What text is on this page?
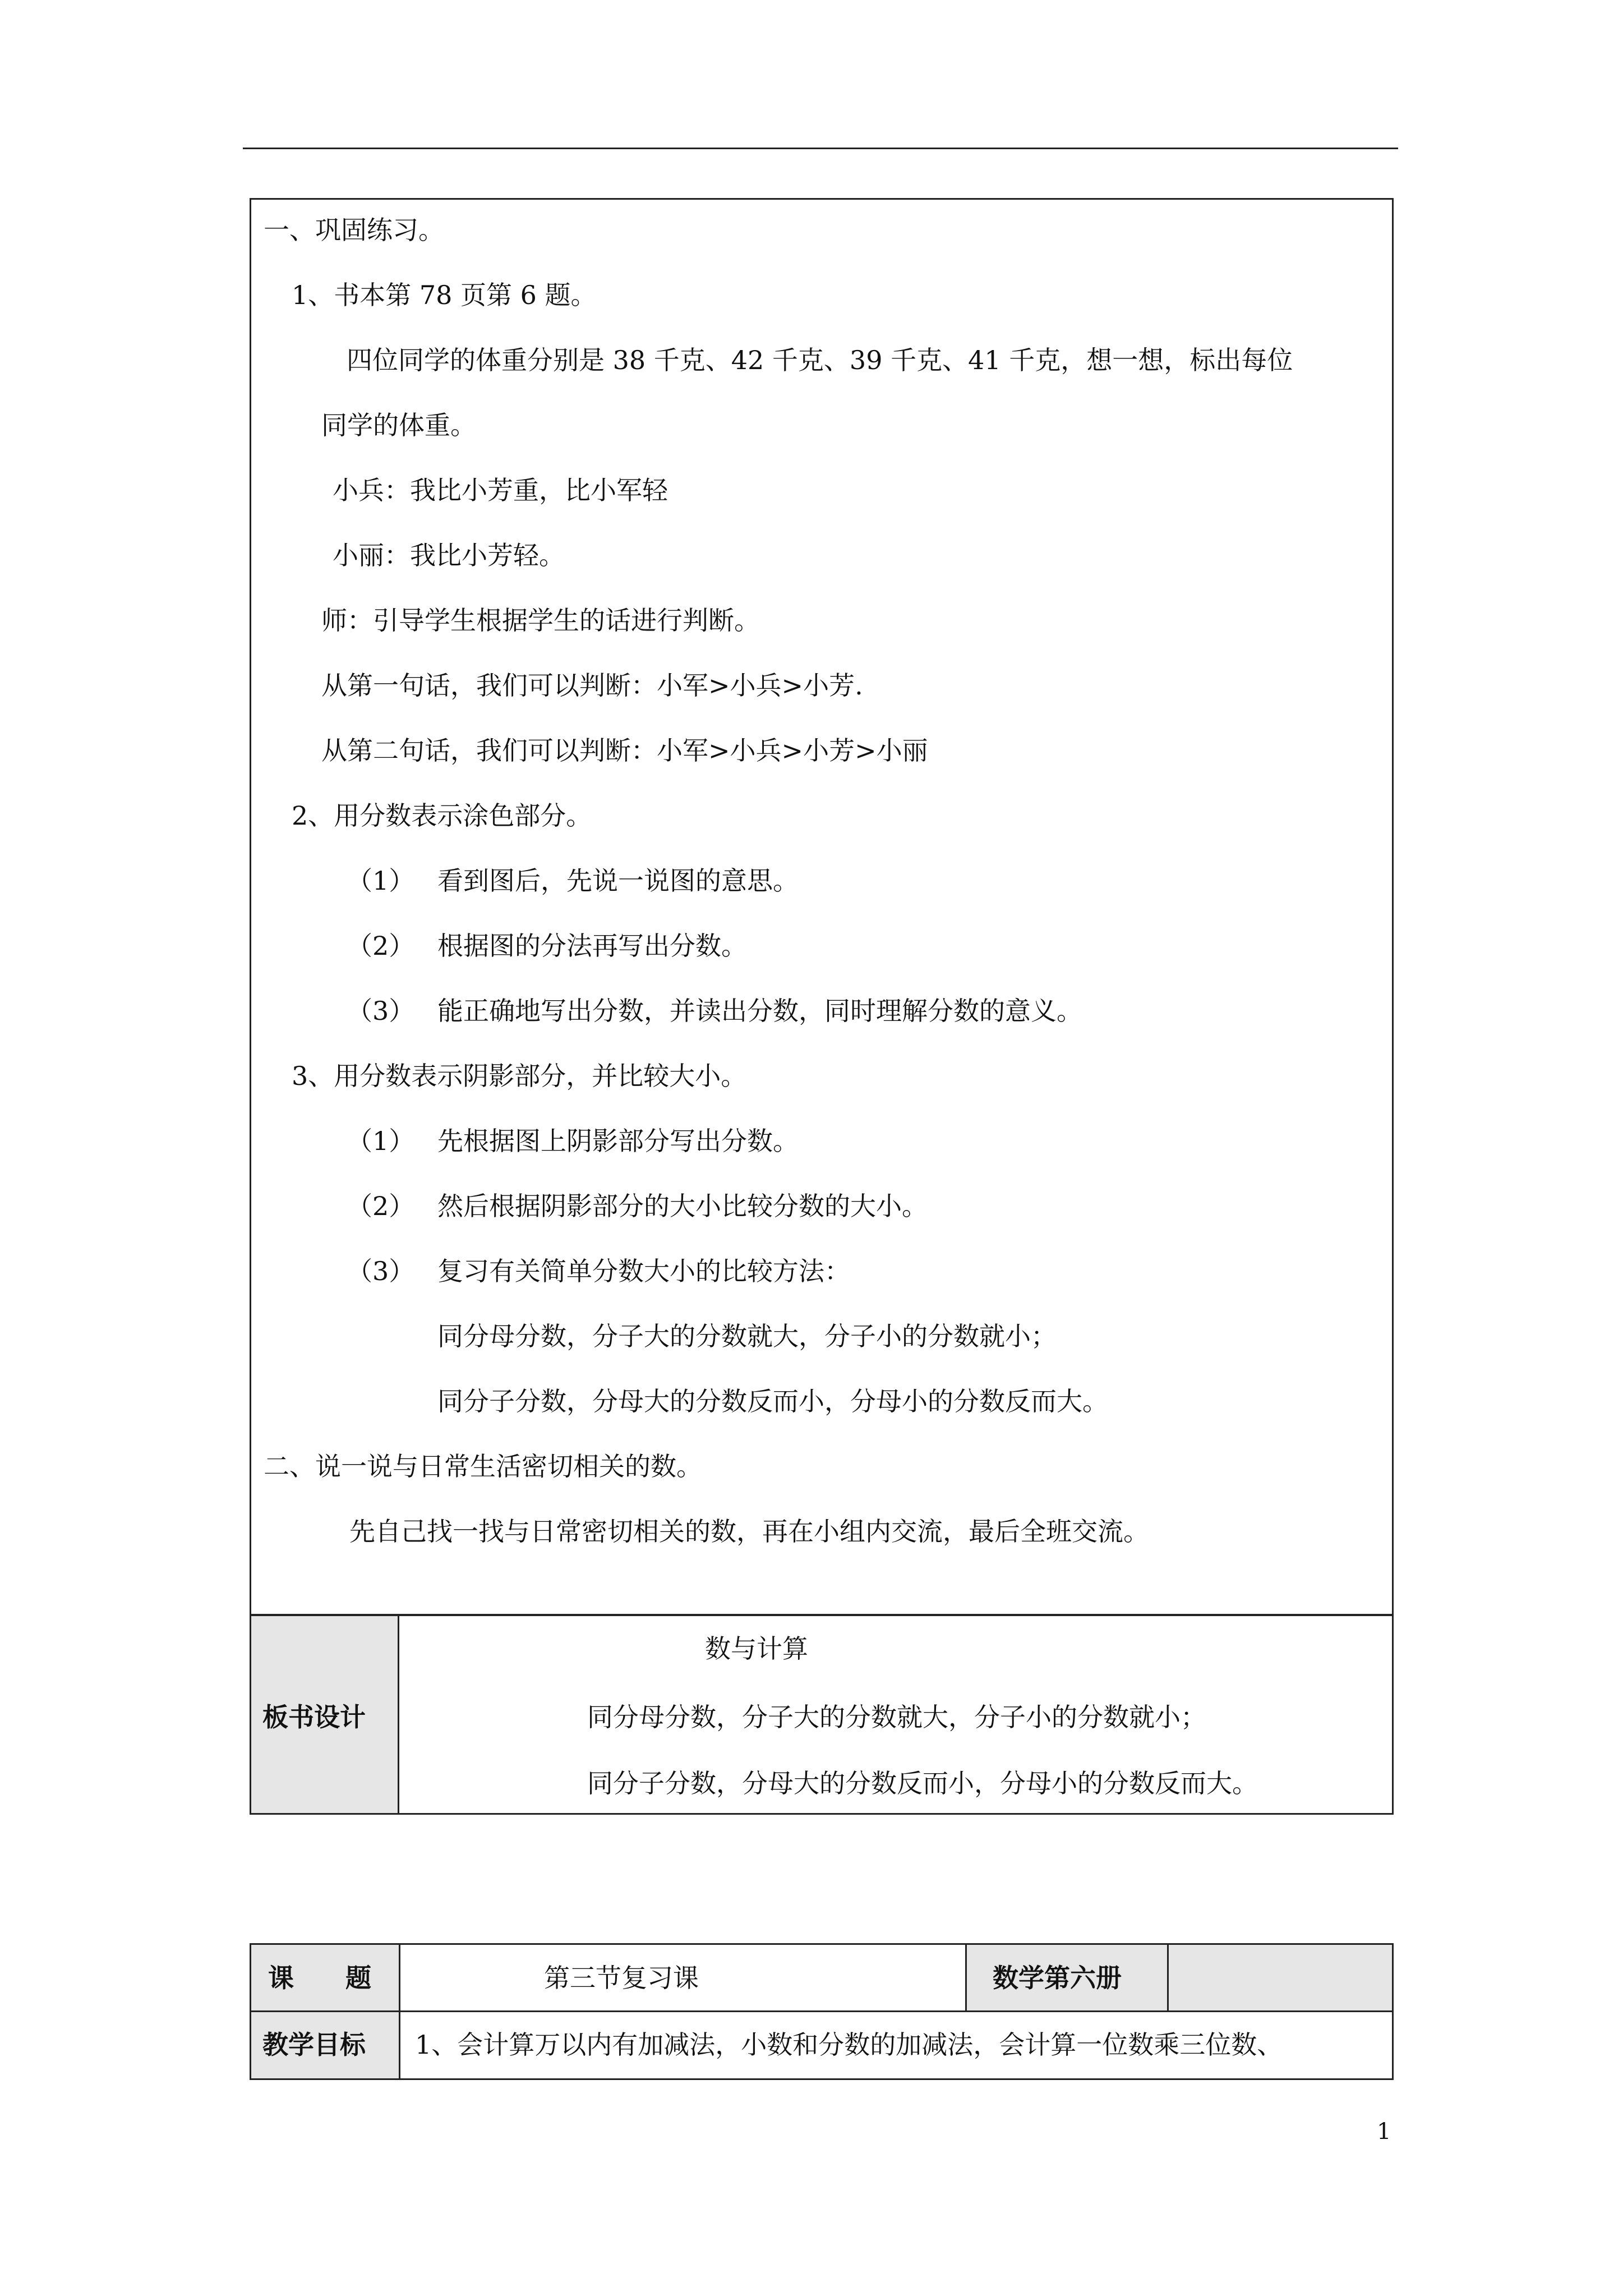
一、巩固练习。
1、书本第 78 页第 6 题。
四位同学的体重分别是 38 千克、42 千克、39 千克、41 千克，想一想，标出每位
同学的体重。
小兵：我比小芳重，比小军轻
小丽：我比小芳轻。
师：引导学生根据学生的话进行判断。
从第一句话，我们可以判断：小军>小兵>小芳.
从第二句话，我们可以判断：小军>小兵>小芳>小丽
2、用分数表示涂色部分。
（1） 看到图后，先说一说图的意思。
（2） 根据图的分法再写出分数。
（3） 能正确地写出分数，并读出分数，同时理解分数的意义。
3、用分数表示阴影部分，并比较大小。
（1） 先根据图上阴影部分写出分数。
（2） 然后根据阴影部分的大小比较分数的大小。
（3） 复习有关简单分数大小的比较方法：
同分母分数，分子大的分数就大，分子小的分数就小；
同分子分数，分母大的分数反而小，分母小的分数反而大。
二、说一说与日常生活密切相关的数。
先自己找一找与日常密切相关的数，再在小组内交流，最后全班交流。
板书设计
数与计算
同分母分数，分子大的分数就大，分子小的分数就小；
同分子分数，分母大的分数反而小，分母小的分数反而大。
课　　题	第三节复习课	数学第六册
教学目标 1、会计算万以内有加减法，小数和分数的加减法，会计算一位数乘三位数、
1
